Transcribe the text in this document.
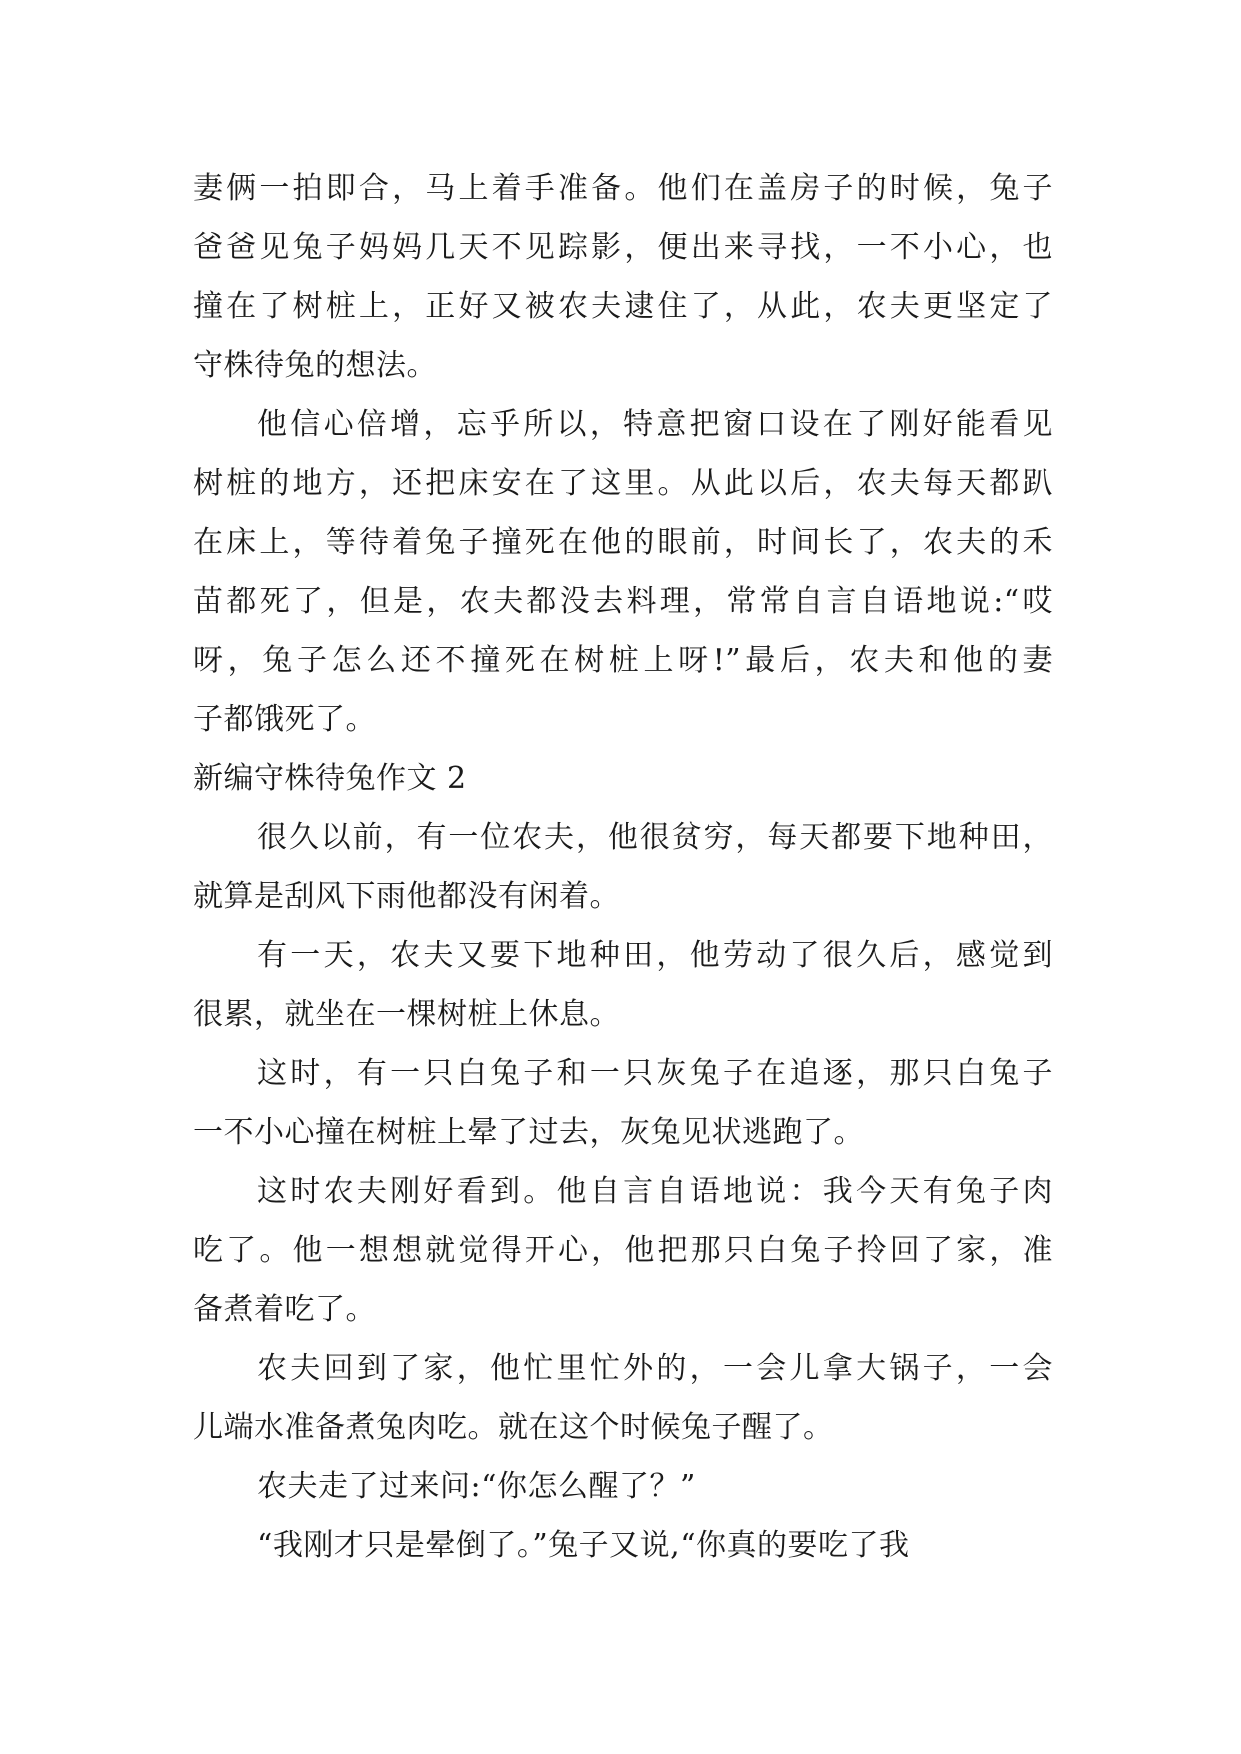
妻俩一拍即合，马上着手准备。他们在盖房子的时候，兔子
爸爸见兔子妈妈几天不见踪影，便出来寻找，一不小心，也
撞在了树桩上，正好又被农夫逮住了，从此，农夫更坚定了
守株待兔的想法。
他信心倍增，忘乎所以，特意把窗口设在了刚好能看见
树桩的地方，还把床安在了这里。从此以后，农夫每天都趴
在床上，等待着兔子撞死在他的眼前，时间长了，农夫的禾
苗都死了，但是，农夫都没去料理，常常自言自语地说:“哎
呀，兔子怎么还不撞死在树桩上呀!”最后，农夫和他的妻
子都饿死了。
新编守株待兔作文 2
很久以前，有一位农夫，他很贫穷，每天都要下地种田，
就算是刮风下雨他都没有闲着。
有一天，农夫又要下地种田，他劳动了很久后，感觉到
很累，就坐在一棵树桩上休息。
这时，有一只白兔子和一只灰兔子在追逐，那只白兔子
一不小心撞在树桩上晕了过去，灰兔见状逃跑了。
这时农夫刚好看到。他自言自语地说：我今天有兔子肉
吃了。他一想想就觉得开心，他把那只白兔子拎回了家，准
备煮着吃了。
农夫回到了家，他忙里忙外的，一会儿拿大锅子，一会
儿端水准备煮兔肉吃。就在这个时候兔子醒了。
农夫走了过来问:“你怎么醒了？”
“我刚才只是晕倒了。”兔子又说,“你真的要吃了我
